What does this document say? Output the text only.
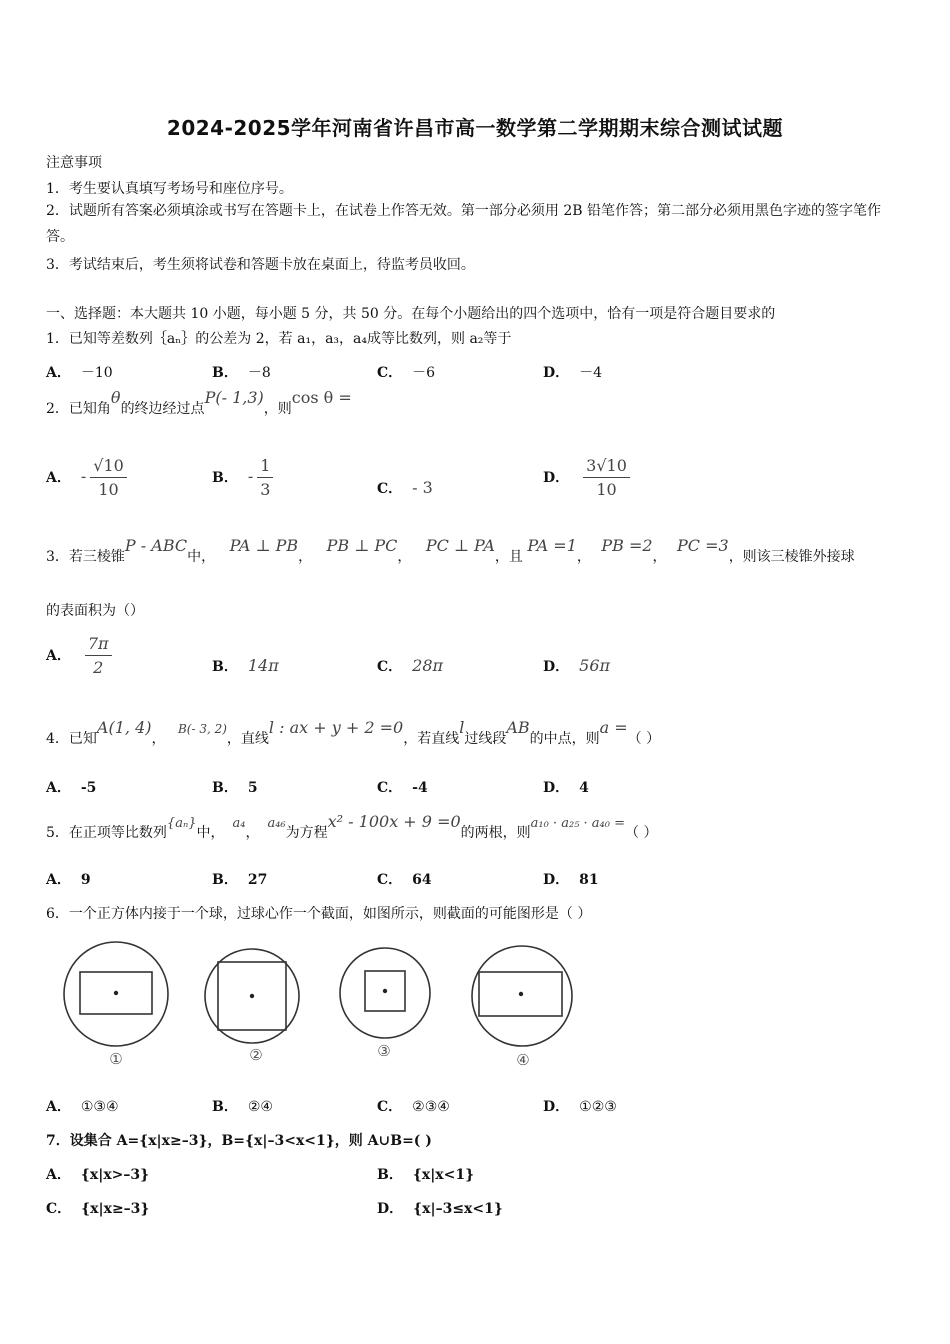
2024-2025学年河南省许昌市高一数学第二学期期末综合测试试题
注意事项
1．考生要认真填写考场号和座位序号。
2．试题所有答案必须填涂或书写在答题卡上，在试卷上作答无效。第一部分必须用 2B 铅笔作答；第二部分必须用黑色字迹的签字笔作答。
3．考试结束后，考生须将试卷和答题卡放在桌面上，待监考员收回。
一、选择题：本大题共 10 小题，每小题 5 分，共 50 分。在每个小题给出的四个选项中，恰有一项是符合题目要求的
1．已知等差数列｛aₙ｝的公差为 2，若 a₁，a₃，a₄成等比数列，则 a₂等于
A． －10	B． －8	C． －6	D． －4
2．已知角θ的终边经过点P(- 1,3)，则cos θ =
A． - $\frac{√10}{10}$	B． - $\frac{1}{3}$	C． - 3
D． $\frac{3√10}{10}$
3．若三棱锥P - ABC中， PA ⊥ PB， PB ⊥ PC， PC ⊥ PA，且 PA =1， PB =2， PC =3，则该三棱锥外接球
的表面积为（）
A． $\frac{7\pi}{2}$	B． 14π	C． 28π	D． 56π
4．已知A(1, 4)， B(- 3, 2)，直线l : ax + y + 2 =0，若直线l过线段AB的中点，则a =（ ）
A． -5	B． 5	C． -4	D． 4
5．在正项等比数列{aₙ}中，a₄，a₄₆为方程x² - 100x + 9 =0的两根，则a₁₀ · a₂₅ · a₄₀ =（ ）
A． 9	B． 27	C． 64	D． 81
6．一个正方体内接于一个球，过球心作一个截面，如图所示，则截面的可能图形是（ ）
①	②	③	④
A． ①③④	B． ②④	C． ②③④	D． ①②③
7．设集合 A={x|x≥–3}，B={x|–3<x<1}，则 A∪B=( )
A． {x|x>–3}	B． {x|x<1}
C． {x|x≥–3}	D． {x|–3≤x<1}
